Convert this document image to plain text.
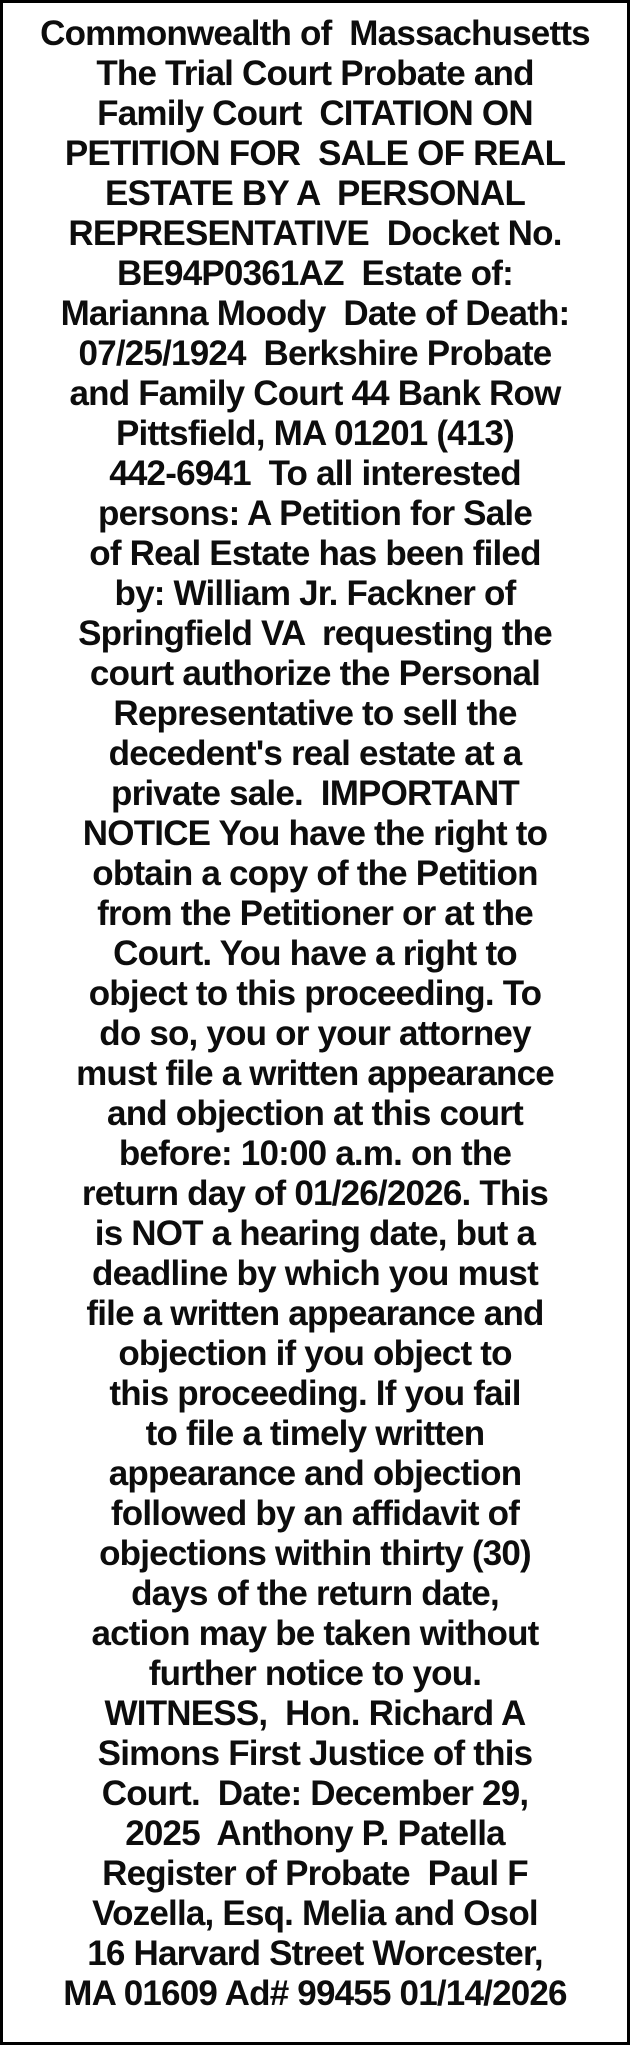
Commonwealth of  Massachusetts
The Trial Court Probate and
Family Court  CITATION ON
PETITION FOR  SALE OF REAL
ESTATE BY A  PERSONAL
REPRESENTATIVE  Docket No.
BE94P0361AZ  Estate of:
Marianna Moody  Date of Death:
07/25/1924  Berkshire Probate
and Family Court 44 Bank Row
Pittsfield, MA 01201 (413)
442-6941  To all interested
persons: A Petition for Sale
of Real Estate has been filed
by: William Jr. Fackner of
Springfield VA  requesting the
court authorize the Personal
Representative to sell the
decedent's real estate at a
private sale.  IMPORTANT
NOTICE You have the right to
obtain a copy of the Petition
from the Petitioner or at the
Court. You have a right to
object to this proceeding. To
do so, you or your attorney
must file a written appearance
and objection at this court
before: 10:00 a.m. on the
return day of 01/26/2026. This
is NOT a hearing date, but a
deadline by which you must
file a written appearance and
objection if you object to
this proceeding. If you fail
to file a timely written
appearance and objection
followed by an affidavit of
objections within thirty (30)
days of the return date,
action may be taken without
further notice to you.
WITNESS,  Hon. Richard A
Simons First Justice of this
Court.  Date: December 29,
2025  Anthony P. Patella
Register of Probate  Paul F
Vozella, Esq. Melia and Osol
16 Harvard Street Worcester,
MA 01609 Ad# 99455 01/14/2026
